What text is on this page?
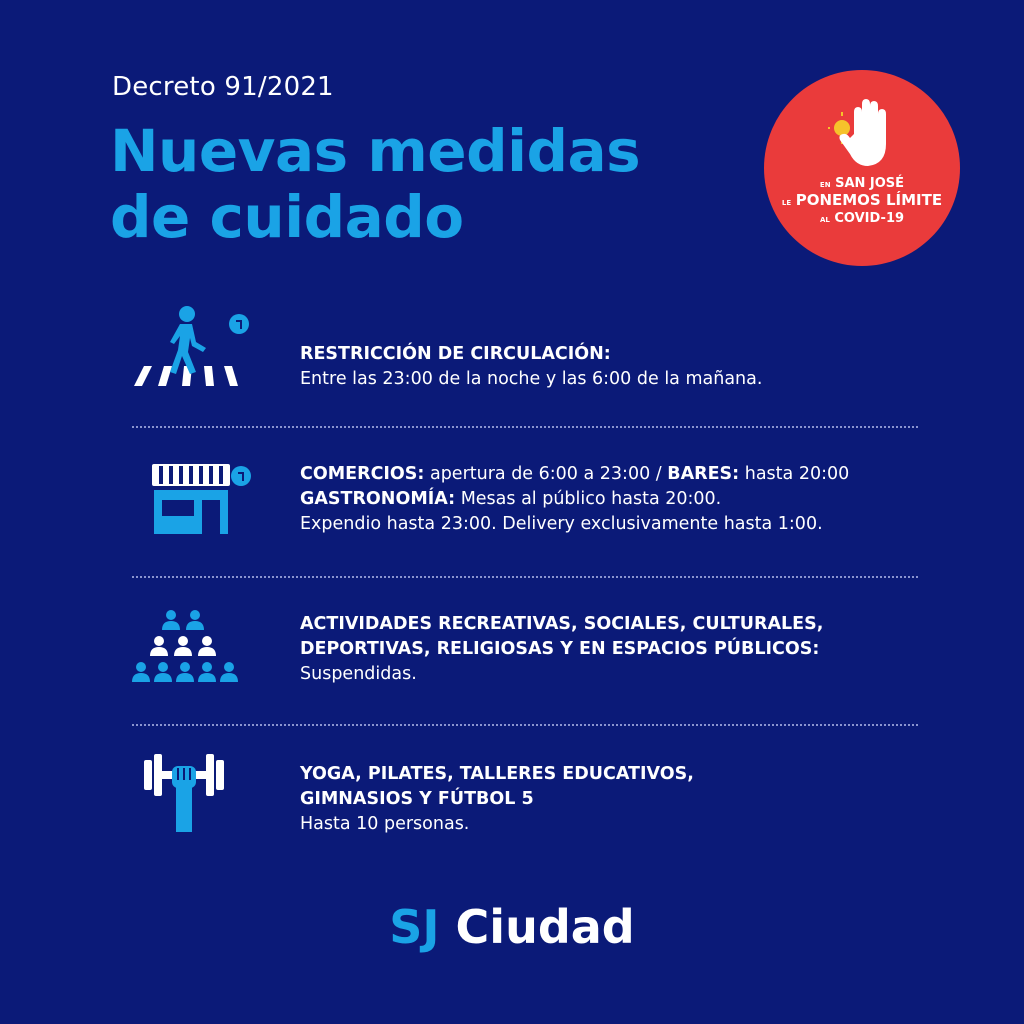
Decreto 91/2021
Nuevas medidas
de cuidado	EN SAN JOSÉ
LE PONEMOS LÍMITE
AL COVID-19
RESTRICCIÓN DE CIRCULACIÓN:
Entre las 23:00 de la noche y las 6:00 de la mañana.
COMERCIOS: apertura de 6:00 a 23:00 / BARES: hasta 20:00
GASTRONOMÍA: Mesas al público hasta 20:00.
Expendio hasta 23:00. Delivery exclusivamente hasta 1:00.
ACTIVIDADES RECREATIVAS, SOCIALES, CULTURALES,
DEPORTIVAS, RELIGIOSAS Y EN ESPACIOS PÚBLICOS:
Suspendidas.
YOGA, PILATES, TALLERES EDUCATIVOS,
GIMNASIOS Y FÚTBOL 5
Hasta 10 personas.
SJ Ciudad
